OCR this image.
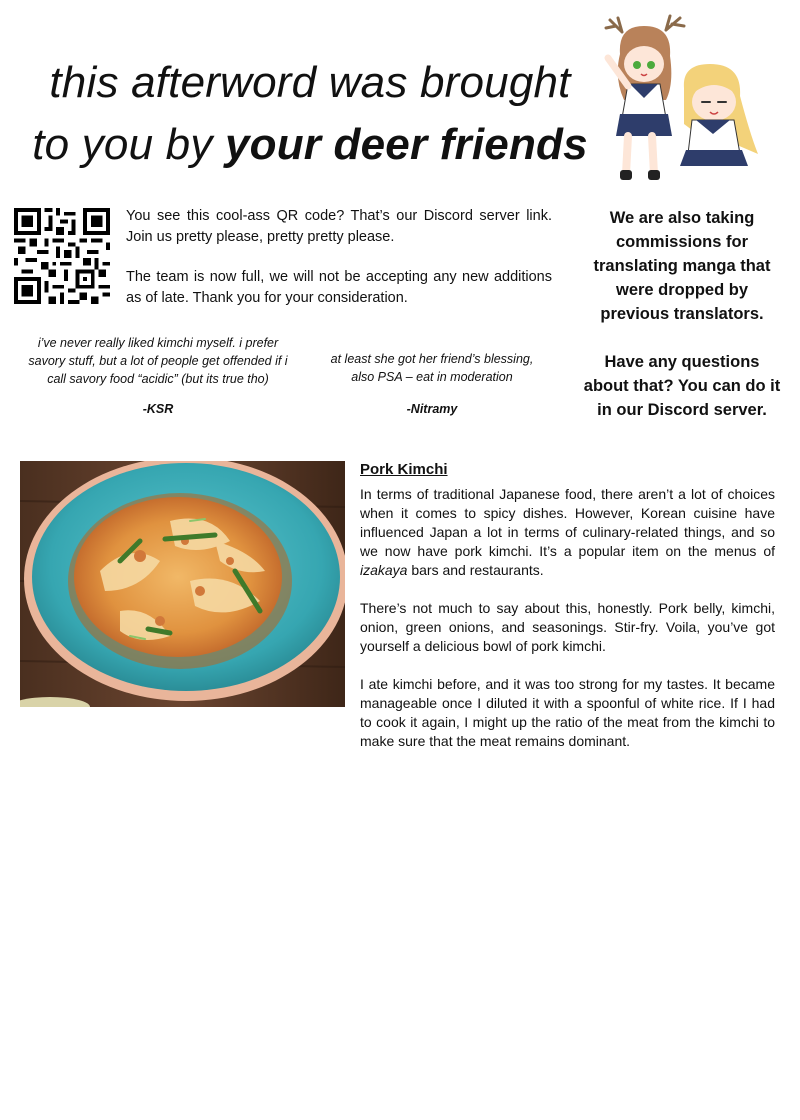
this afterword was brought
to you by your deer friends

You see this cool-ass QR code? That’s our Discord server link. Join us pretty please, pretty pretty please.

The team is now full, we will not be accepting any new additions as of late. Thank you for your consideration.

We are also taking commissions for translating manga that were dropped by previous translators.

Have any questions about that? You can do it in our Discord server.

i’ve never really liked kimchi myself. i prefer savory stuff, but a lot of people get offended if i call savory food “acidic” (but its true tho)
-KSR
at least she got her friend’s blessing, also PSA – eat in moderation
-Nitramy
Pork Kimchi

In terms of traditional Japanese food, there aren’t a lot of choices when it comes to spicy dishes. However, Korean cuisine have influenced Japan a lot in terms of culinary-related things, and so we now have pork kimchi. It’s a popular item on the menus of izakaya bars and restaurants.

There’s not much to say about this, honestly. Pork belly, kimchi, onion, green onions, and seasonings. Stir-fry. Voila, you’ve got yourself a delicious bowl of pork kimchi.

I ate kimchi before, and it was too strong for my tastes. It became manageable once I diluted it with a spoonful of white rice. If I had to cook it again, I might up the ratio of the meat from the kimchi to make sure that the meat remains dominant.
